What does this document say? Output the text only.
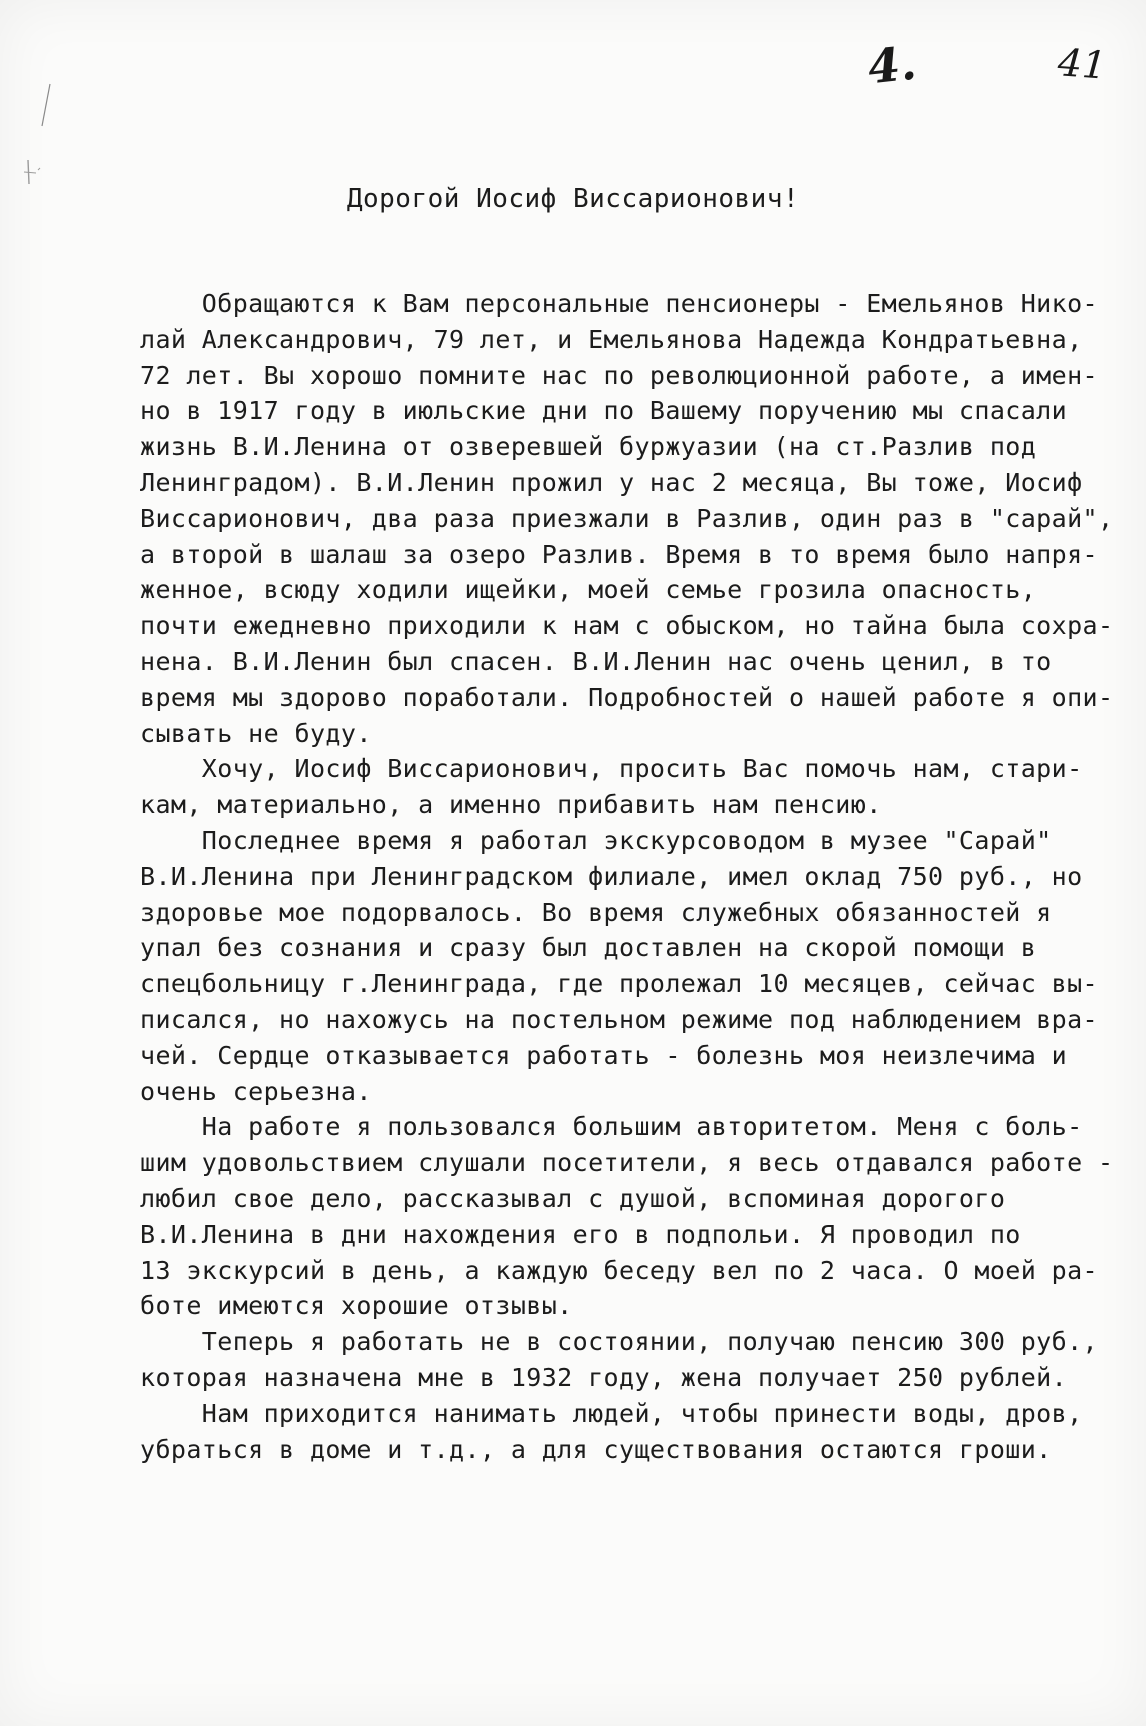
4.	41
Дорогой Иосиф Виссарионович!
Обращаются к Вам персональные пенсионеры - Емельянов Нико-
лай Александрович, 79 лет, и Емельянова Надежда Кондратьевна,
72 лет. Вы хорошо помните нас по революционной работе, а имен-
но в 1917 году в июльские дни по Вашему поручению мы спасали
жизнь В.И.Ленина от озверевшей буржуазии (на ст.Разлив под
Ленинградом). В.И.Ленин прожил у нас 2 месяца, Вы тоже, Иосиф
Виссарионович, два раза приезжали в Разлив, один раз в "сарай",
а второй в шалаш за озеро Разлив. Время в то время было напря-
женное, всюду ходили ищейки, моей семье грозила опасность,
почти ежедневно приходили к нам с обыском, но тайна была сохра-
нена. В.И.Ленин был спасен. В.И.Ленин нас очень ценил, в то
время мы здорово поработали. Подробностей о нашей работе я опи-
сывать не буду.
Хочу, Иосиф Виссарионович, просить Вас помочь нам, стари-
кам, материально, а именно прибавить нам пенсию.
Последнее время я работал экскурсоводом в музее "Сарай"
В.И.Ленина при Ленинградском филиале, имел оклад 750 руб., но
здоровье мое подорвалось. Во время служебных обязанностей я
упал без сознания и сразу был доставлен на скорой помощи в
спецбольницу г.Ленинграда, где пролежал 10 месяцев, сейчас вы-
писался, но нахожусь на постельном режиме под наблюдением вра-
чей. Сердце отказывается работать - болезнь моя неизлечима и
очень серьезна.
На работе я пользовался большим авторитетом. Меня с боль-
шим удовольствием слушали посетители, я весь отдавался работе -
любил свое дело, рассказывал с душой, вспоминая дорогого
В.И.Ленина в дни нахождения его в подпольи. Я проводил по
13 экскурсий в день, а каждую беседу вел по 2 часа. О моей ра-
боте имеются хорошие отзывы.
Теперь я работать не в состоянии, получаю пенсию 300 руб.,
которая назначена мне в 1932 году, жена получает 250 рублей.
Нам приходится нанимать людей, чтобы принести воды, дров,
убраться в доме и т.д., а для существования остаются гроши.
